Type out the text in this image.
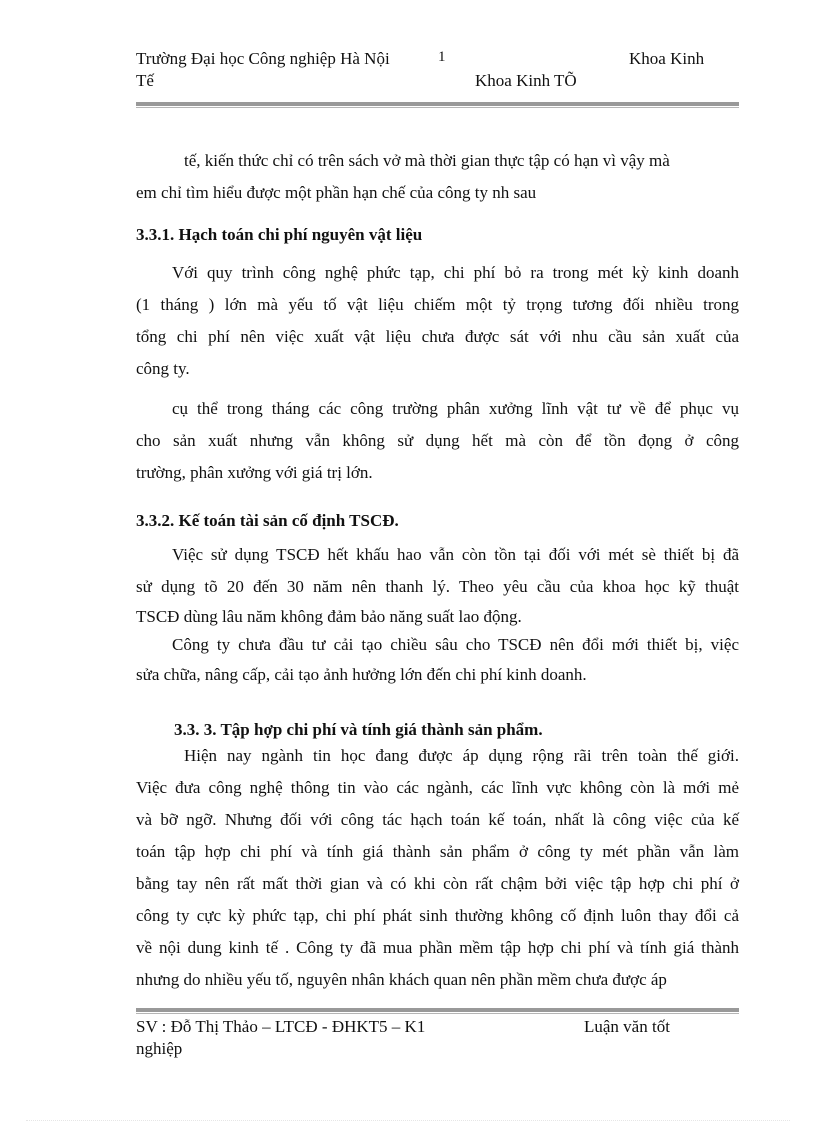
Trường Đại học Công nghiệp Hà Nội	1	Khoa Kinh
Tế	Khoa Kinh TÕ
tế, kiến thức chỉ có trên sách vở mà thời gian thực tập có hạn vì vậy mà
em chỉ tìm hiểu được một phần hạn chế của công ty nh sau
3.3.1. Hạch toán chi phí nguyên vật liệu
Với quy trình công nghệ phức tạp, chi phí bỏ ra trong mét kỳ kinh doanh
(1 tháng ) lớn mà yếu tố vật liệu chiếm một tỷ trọng tương đối nhiều trong
tổng chi phí nên việc xuất vật liệu chưa được sát với nhu cầu sản xuất của
công ty.
cụ thể trong tháng các công trường phân xưởng lĩnh vật tư về để phục vụ
cho sản xuất nhưng vẫn không sử dụng hết mà còn để tồn đọng ở công
trường, phân xưởng với giá trị lớn.
3.3.2. Kế toán tài sản cố định TSCĐ.
Việc sử dụng TSCĐ hết khấu hao vẫn còn tồn tại đối với mét sè thiết bị đã
sử dụng tõ 20 đến 30 năm nên thanh lý. Theo yêu cầu của khoa học kỹ thuật
TSCĐ dùng lâu năm không đảm bảo năng suất lao động.
Công ty chưa đầu tư cải tạo chiều sâu cho TSCĐ nên đổi mới thiết bị, việc
sửa chữa, nâng cấp, cải tạo ảnh hưởng lớn đến chi phí kinh doanh.
3.3. 3. Tập hợp chi phí và tính giá thành sản phẩm.
Hiện nay ngành tin học đang được áp dụng rộng rãi trên toàn thế giới.
Việc đưa công nghệ thông tin vào các ngành, các lĩnh vực không còn là mới mẻ
và bỡ ngỡ. Nhưng đối với công tác hạch toán kế toán, nhất là công việc của kế
toán tập hợp chi phí và tính giá thành sản phẩm ở công ty mét phần vẫn làm
bằng tay nên rất mất thời gian và có khi còn rất chậm bởi việc tập hợp chi phí ở
công ty cực kỳ phức tạp, chi phí phát sinh thường không cố định luôn thay đổi cả
về nội dung kinh tế . Công ty đã mua phần mềm tập hợp chi phí và tính giá thành
nhưng do nhiều yếu tố, nguyên nhân khách quan nên phần mềm chưa được áp
SV : Đỗ Thị Thảo – LTCĐ - ĐHKT5 – K1	Luận văn tốt
nghiệp
